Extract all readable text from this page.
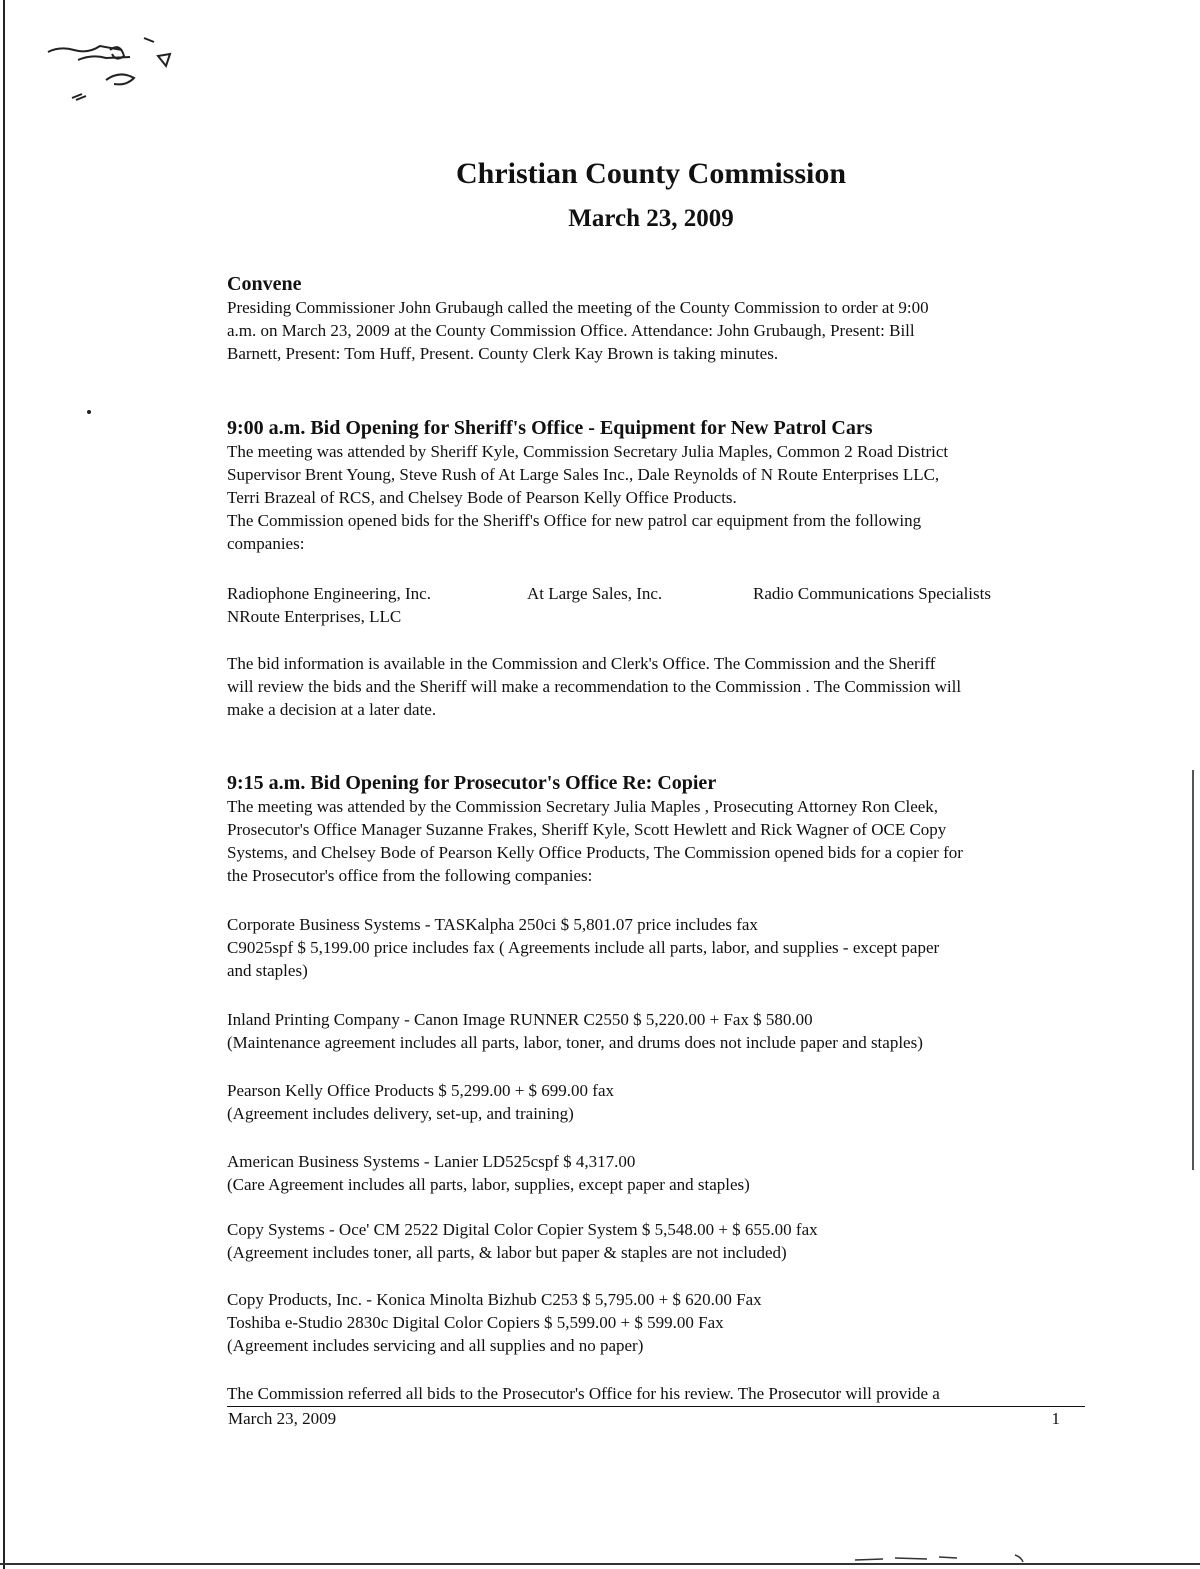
Christian County Commission
March 23, 2009

Convene

Presiding Commissioner John Grubaugh called the meeting of the County Commission to order at 9:00

a.m. on March 23, 2009 at the County Commission Office. Attendance: John Grubaugh, Present: Bill

Barnett, Present: Tom Huff, Present. County Clerk Kay Brown is taking minutes.

9:00 a.m. Bid Opening for Sheriff's Office - Equipment for New Patrol Cars

The meeting was attended by Sheriff Kyle, Commission Secretary Julia Maples, Common 2 Road District

Supervisor Brent Young, Steve Rush of At Large Sales Inc., Dale Reynolds of N Route Enterprises LLC,

Terri Brazeal of RCS, and Chelsey Bode of Pearson Kelly Office Products.

The Commission opened bids for the Sheriff's Office for new patrol car equipment from the following

companies:

Radiophone Engineering, Inc.	At Large Sales, Inc.	Radio Communications Specialists

NRoute Enterprises, LLC

The bid information is available in the Commission and Clerk's Office. The Commission and the Sheriff

will review the bids and the Sheriff will make a recommendation to the Commission . The Commission will

make a decision at a later date.

9:15 a.m. Bid Opening for Prosecutor's Office Re: Copier

The meeting was attended by the Commission Secretary Julia Maples , Prosecuting Attorney Ron Cleek,

Prosecutor's Office Manager Suzanne Frakes, Sheriff Kyle, Scott Hewlett and Rick Wagner of OCE Copy

Systems, and Chelsey Bode of Pearson Kelly Office Products, The Commission opened bids for a copier for

the Prosecutor's office from the following companies:

Corporate Business Systems - TASKalpha 250ci $ 5,801.07 price includes fax

C9025spf $ 5,199.00 price includes fax ( Agreements include all parts, labor, and supplies - except paper

and staples)

Inland Printing Company - Canon Image RUNNER C2550 $ 5,220.00 + Fax $ 580.00

(Maintenance agreement includes all parts, labor, toner, and drums does not include paper and staples)

Pearson Kelly Office Products $ 5,299.00 + $ 699.00 fax

(Agreement includes delivery, set-up, and training)

American Business Systems - Lanier LD525cspf $ 4,317.00

(Care Agreement includes all parts, labor, supplies, except paper and staples)

Copy Systems - Oce' CM 2522 Digital Color Copier System $ 5,548.00 + $ 655.00 fax

(Agreement includes toner, all parts, & labor but paper & staples are not included)

Copy Products, Inc. - Konica Minolta Bizhub C253 $ 5,795.00 + $ 620.00 Fax

Toshiba e-Studio 2830c Digital Color Copiers $ 5,599.00 + $ 599.00 Fax

(Agreement includes servicing and all supplies and no paper)

The Commission referred all bids to the Prosecutor's Office for his review. The Prosecutor will provide a

March 23, 2009	1
